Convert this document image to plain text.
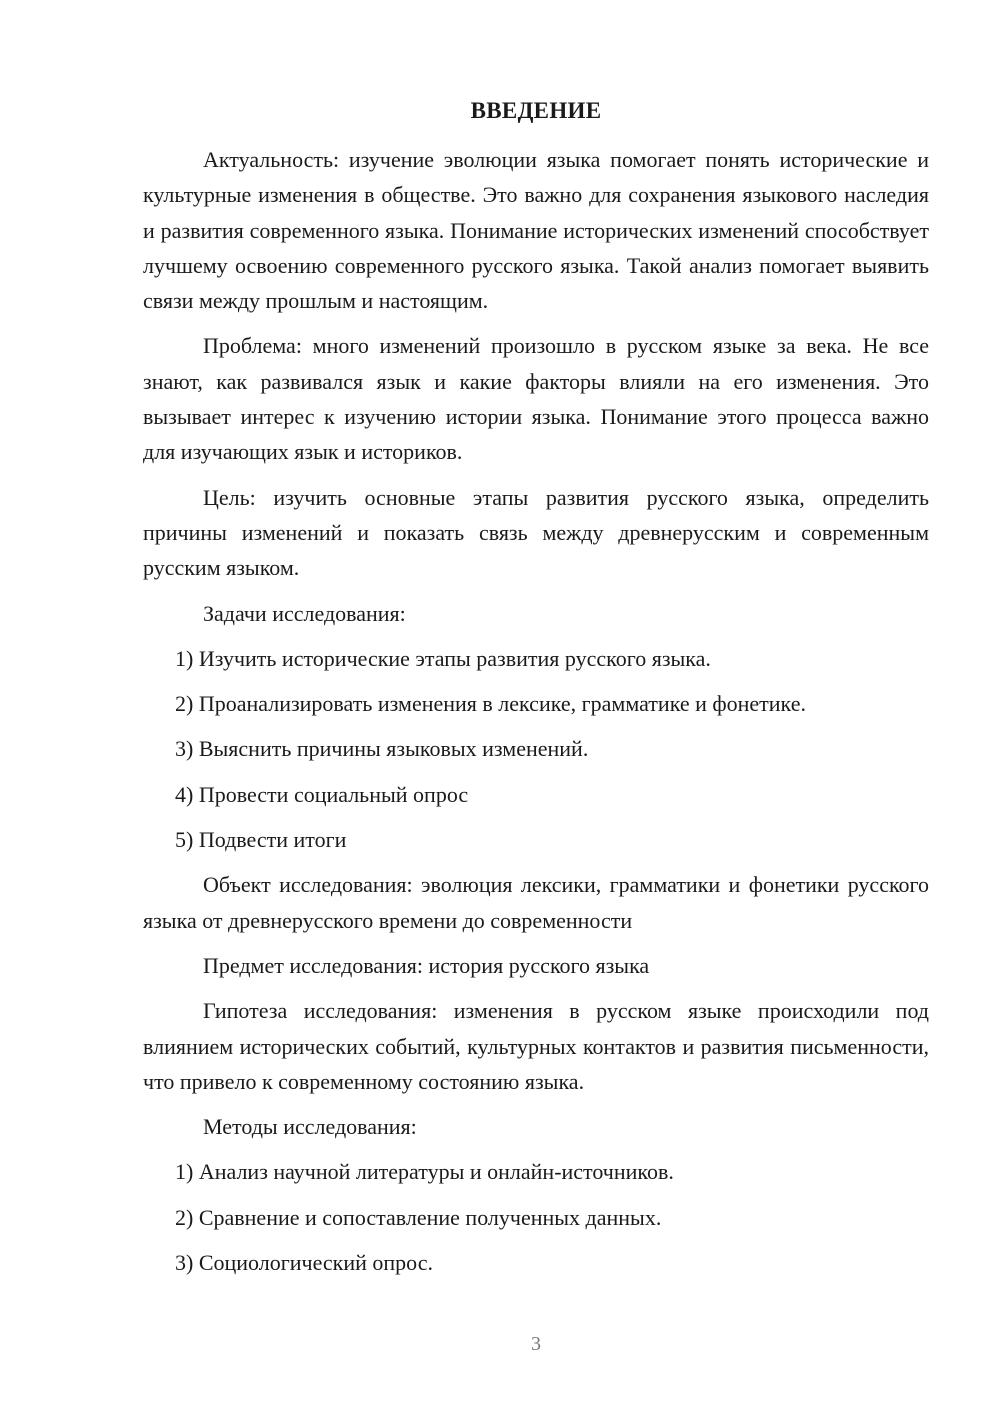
ВВЕДЕНИЕ

Актуальность: изучение эволюции языка помогает понять исторические и культурные изменения в обществе. Это важно для сохранения языкового наследия и развития современного языка. Понимание исторических изменений способствует лучшему освоению современного русского языка. Такой анализ помогает выявить связи между прошлым и настоящим.

Проблема: много изменений произошло в русском языке за века. Не все знают, как развивался язык и какие факторы влияли на его изменения. Это вызывает интерес к изучению истории языка. Понимание этого процесса важно для изучающих язык и историков.

Цель: изучить основные этапы развития русского языка, определить причины изменений и показать связь между древнерусским и современным русским языком.

Задачи исследования:

1) Изучить исторические этапы развития русского языка.

2) Проанализировать изменения в лексике, грамматике и фонетике.

3) Выяснить причины языковых изменений.

4) Провести социальный опрос

5) Подвести итоги

Объект исследования: эволюция лексики, грамматики и фонетики русского языка от древнерусского времени до современности

Предмет исследования: история русского языка

Гипотеза исследования: изменения в русском языке происходили под влиянием исторических событий, культурных контактов и развития письменности, что привело к современному состоянию языка.

Методы исследования:

1) Анализ научной литературы и онлайн-источников.

2) Сравнение и сопоставление полученных данных.

3) Социологический опрос.

3
